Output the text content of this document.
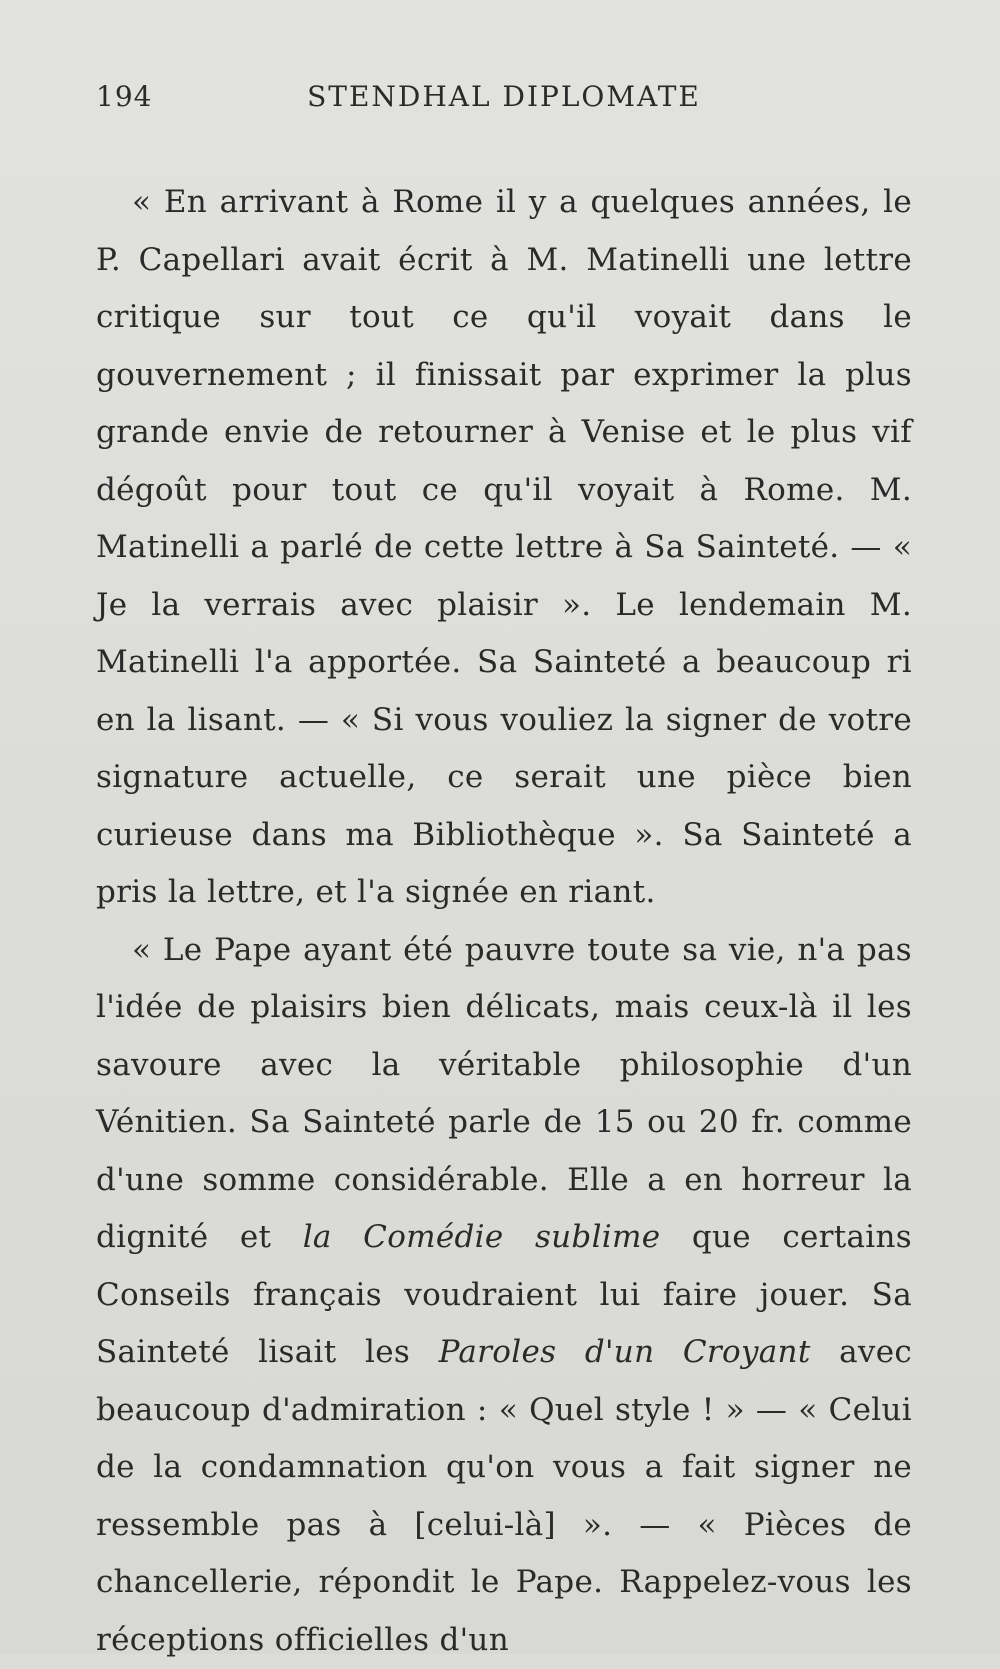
194	STENDHAL DIPLOMATE

« En arrivant à Rome il y a quelques années, le P. Capellari avait écrit à M. Matinelli une lettre critique sur tout ce qu'il voyait dans le gouvernement ; il finissait par exprimer la plus grande envie de retourner à Venise et le plus vif dégoût pour tout ce qu'il voyait à Rome. M. Matinelli a parlé de cette lettre à Sa Sainteté. — « Je la verrais avec plaisir ». Le lendemain M. Matinelli l'a apportée. Sa Sainteté a beaucoup ri en la lisant. — « Si vous vouliez la signer de votre signature actuelle, ce serait une pièce bien curieuse dans ma Bibliothèque ». Sa Sainteté a pris la lettre, et l'a signée en riant.

« Le Pape ayant été pauvre toute sa vie, n'a pas l'idée de plaisirs bien délicats, mais ceux-là il les savoure avec la véritable philosophie d'un Vénitien. Sa Sainteté parle de 15 ou 20 fr. comme d'une somme considérable. Elle a en horreur la dignité et la Comédie sublime que certains Conseils français voudraient lui faire jouer. Sa Sainteté lisait les Paroles d'un Croyant avec beaucoup d'admiration : « Quel style ! » — « Celui de la condamnation qu'on vous a fait signer ne ressemble pas à [celui-là] ». — « Pièces de chancellerie, répondit le Pape. Rappelez-vous les réceptions officielles d'un
